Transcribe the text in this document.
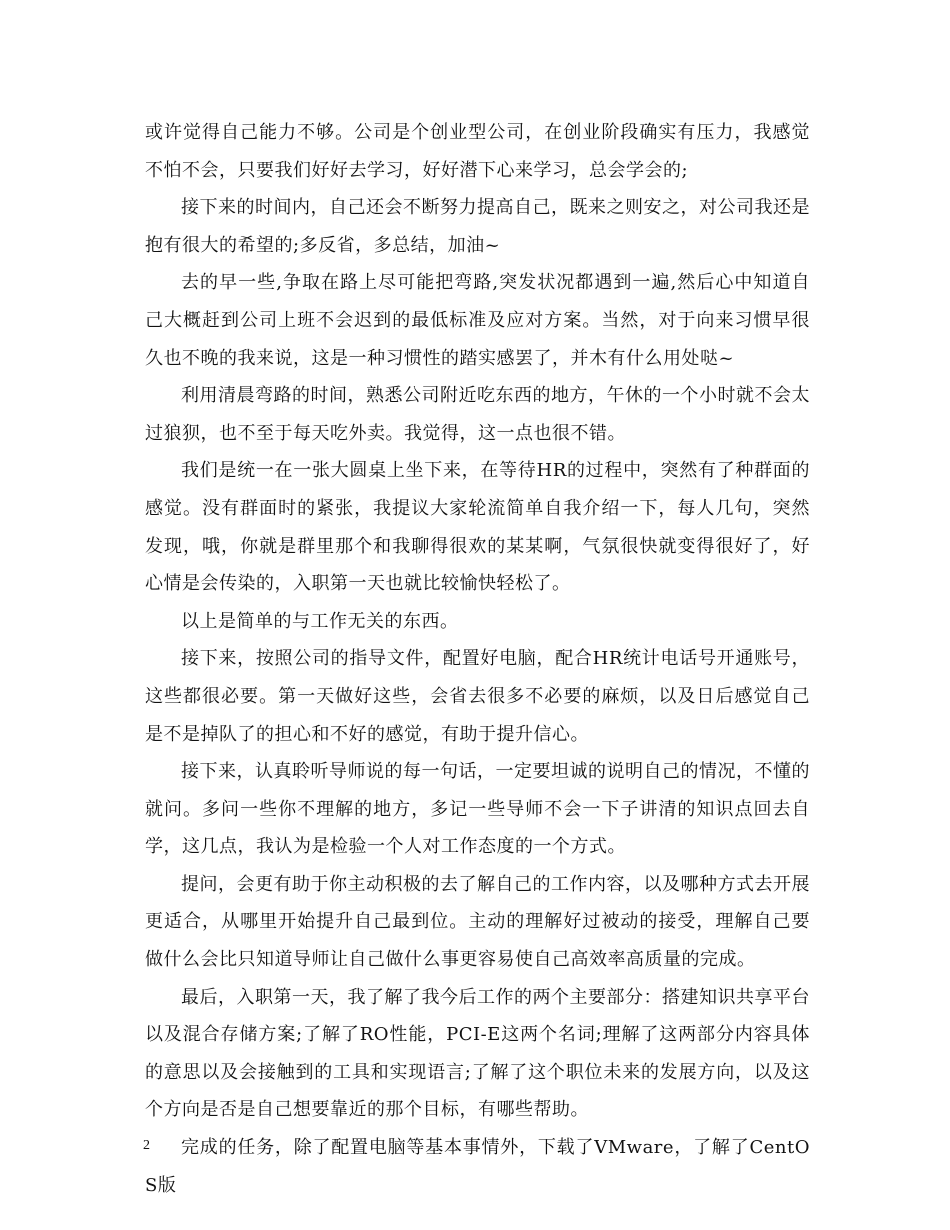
或许觉得自己能力不够。公司是个创业型公司，在创业阶段确实有压力，我感觉不怕不会，只要我们好好去学习，好好潜下心来学习，总会学会的;

接下来的时间内，自己还会不断努力提高自己，既来之则安之，对公司我还是抱有很大的希望的;多反省，多总结，加油~

去的早一些,争取在路上尽可能把弯路,突发状况都遇到一遍,然后心中知道自己大概赶到公司上班不会迟到的最低标准及应对方案。当然，对于向来习惯早很久也不晚的我来说，这是一种习惯性的踏实感罢了，并木有什么用处哒~

利用清晨弯路的时间，熟悉公司附近吃东西的地方，午休的一个小时就不会太过狼狈，也不至于每天吃外卖。我觉得，这一点也很不错。

我们是统一在一张大圆桌上坐下来，在等待HR的过程中，突然有了种群面的感觉。没有群面时的紧张，我提议大家轮流简单自我介绍一下，每人几句，突然发现，哦，你就是群里那个和我聊得很欢的某某啊，气氛很快就变得很好了，好心情是会传染的，入职第一天也就比较愉快轻松了。

以上是简单的与工作无关的东西。

接下来，按照公司的指导文件，配置好电脑，配合HR统计电话号开通账号，这些都很必要。第一天做好这些，会省去很多不必要的麻烦，以及日后感觉自己是不是掉队了的担心和不好的感觉，有助于提升信心。

接下来，认真聆听导师说的每一句话，一定要坦诚的说明自己的情况，不懂的就问。多问一些你不理解的地方，多记一些导师不会一下子讲清的知识点回去自学，这几点，我认为是检验一个人对工作态度的一个方式。

提问，会更有助于你主动积极的去了解自己的工作内容，以及哪种方式去开展更适合，从哪里开始提升自己最到位。主动的理解好过被动的接受，理解自己要做什么会比只知道导师让自己做什么事更容易使自己高效率高质量的完成。

最后，入职第一天，我了解了我今后工作的两个主要部分：搭建知识共享平台以及混合存储方案;了解了RO性能，PCI-E这两个名词;理解了这两部分内容具体的意思以及会接触到的工具和实现语言;了解了这个职位未来的发展方向，以及这个方向是否是自己想要靠近的那个目标，有哪些帮助。

完成的任务，除了配置电脑等基本事情外，下载了VMware，了解了CentOS版

2
